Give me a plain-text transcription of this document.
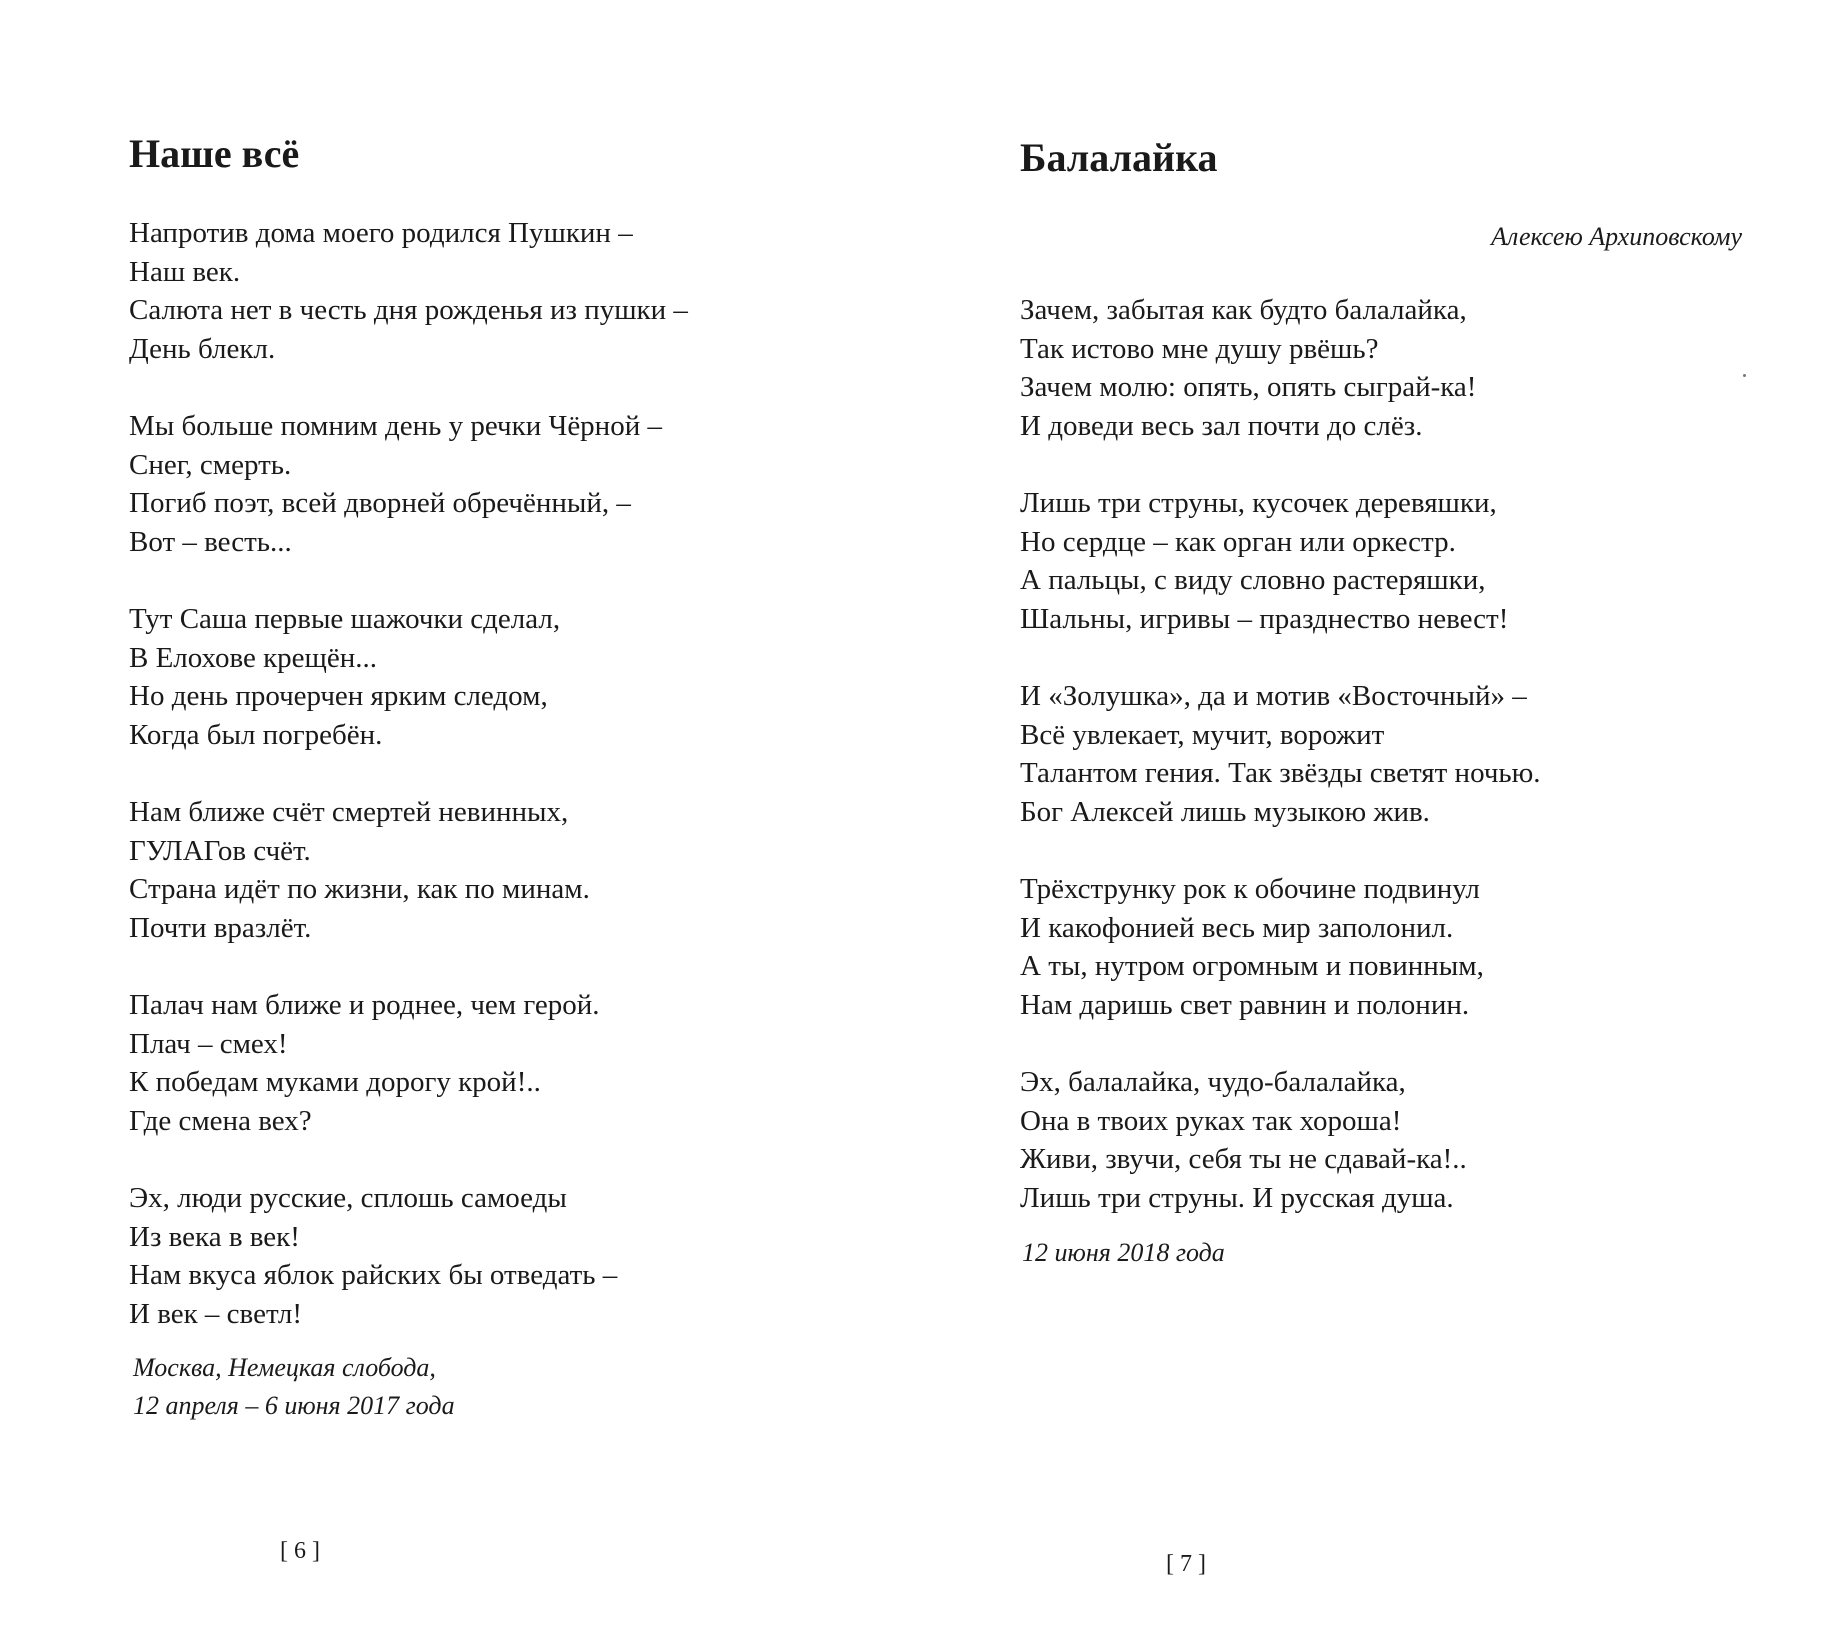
Наше всё

Напротив дома моего родился Пушкин –
Наш век.
Салюта нет в честь дня рожденья из пушки –
День блекл.

Мы больше помним день у речки Чёрной –
Снег, смерть.
Погиб поэт, всей дворней обречённый, –
Вот – весть...

Тут Саша первые шажочки сделал,
В Елохове крещён...
Но день прочерчен ярким следом,
Когда был погребён.

Нам ближе счёт смертей невинных,
ГУЛАГов счёт.
Страна идёт по жизни, как по минам.
Почти вразлёт.

Палач нам ближе и роднее, чем герой.
Плач – смех!
К победам муками дорогу крой!..
Где смена вех?

Эх, люди русские, сплошь самоеды
Из века в век!
Нам вкуса яблок райских бы отведать –
И век – светл!

Москва, Немецкая слобода,
12 апреля – 6 июня 2017 года
[ 6 ]
Балалайка
Алексею Архиповскому

Зачем, забытая как будто балалайка,
Так истово мне душу рвёшь?
Зачем молю: опять, опять сыграй-ка!
И доведи весь зал почти до слёз.

Лишь три струны, кусочек деревяшки,
Но сердце – как орган или оркестр.
А пальцы, с виду словно растеряшки,
Шальны, игривы – празднество невест!

И «Золушка», да и мотив «Восточный» –
Всё увлекает, мучит, ворожит
Талантом гения. Так звёзды светят ночью.
Бог Алексей лишь музыкою жив.

Трёхструнку рок к обочине подвинул
И какофонией весь мир заполонил.
А ты, нутром огромным и повинным,
Нам даришь свет равнин и полонин.

Эх, балалайка, чудо-балалайка,
Она в твоих руках так хороша!
Живи, звучи, себя ты не сдавай-ка!..
Лишь три струны. И русская душа.

12 июня 2018 года
[ 7 ]
